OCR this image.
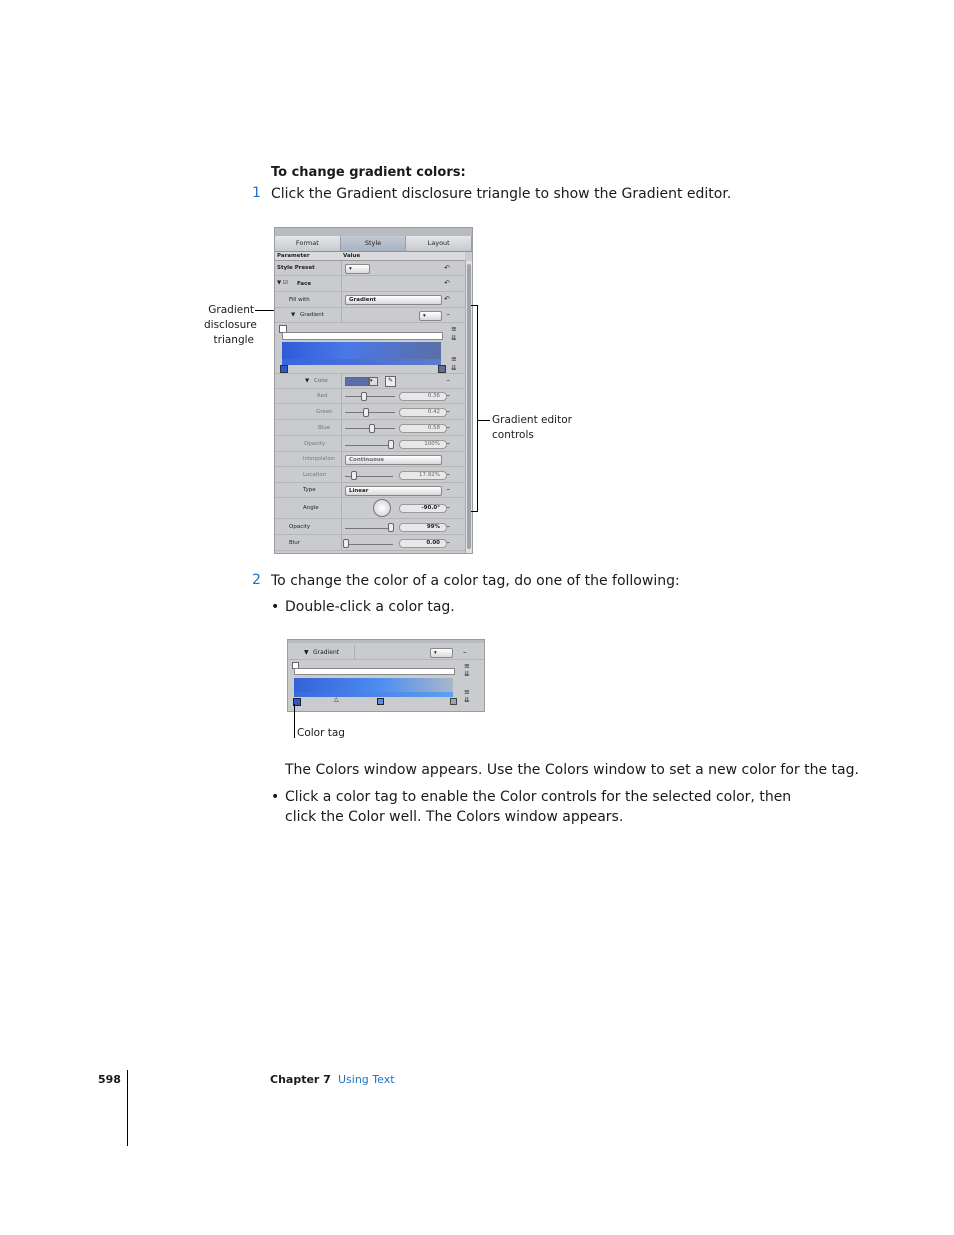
To change gradient colors:
1 Click the Gradient disclosure triangle to show the Gradient editor.
Gradient
disclosure
triangle
Format	Style	Layout
Parameter	Value
Style Preset	▾	↶
▼ ☑ Face	↶
Fill with	Gradient	↶
▼ Gradient	▾	–
≡
⇊
≡
⇊
▼ Color	▾	✎	–
Red	0.36 –
Green	0.42 –
Blue	0.58 –
Opacity	100% –
Interpolation	Continuous
Location	17.92% –
Type	Linear	–
Angle	-90.0° –
Opacity	99% –
Blur	0.00 –
Gradient editor
controls
2 To change the color of a color tag, do one of the following:
• Double-click a color tag.
▼ Gradient	▾	–
△
≡
⇊
≡
⇊
Color tag
The Colors window appears. Use the Colors window to set a new color for the tag.
• Click a color tag to enable the Color controls for the selected color, then click the Color well. The Colors window appears.
598	Chapter 7 Using Text
